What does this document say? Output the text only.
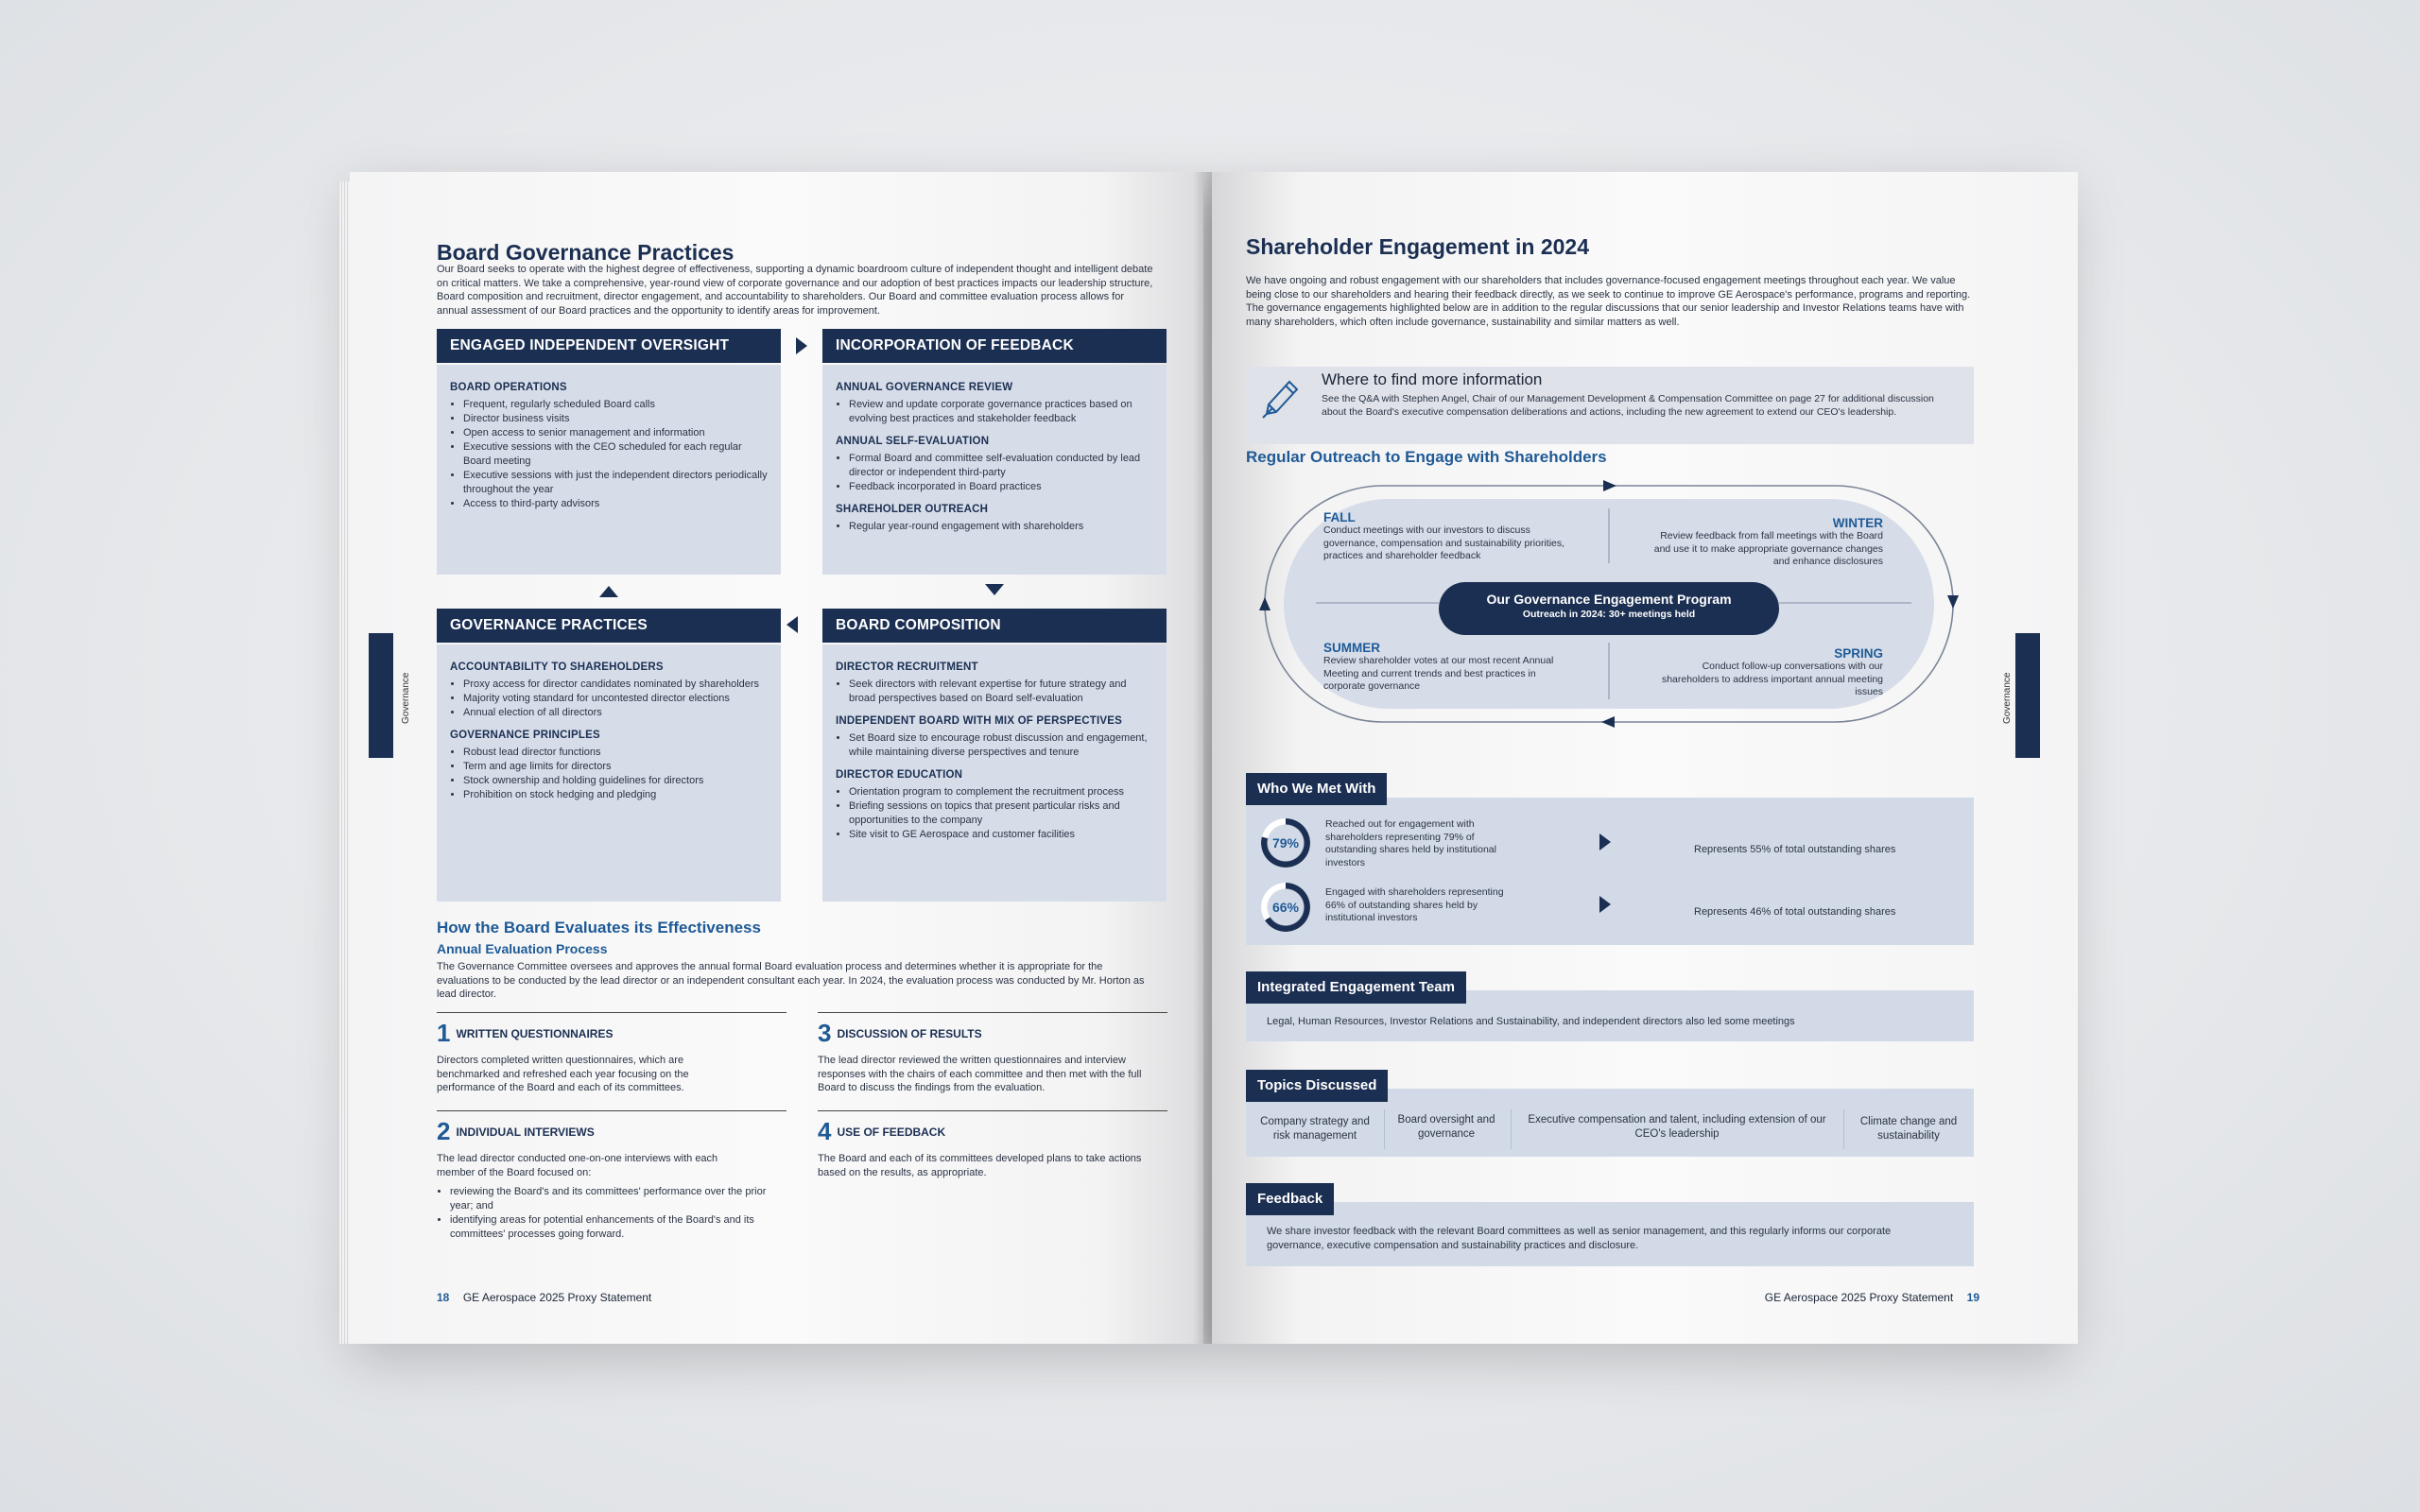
Board Governance Practices
Our Board seeks to operate with the highest degree of effectiveness, supporting a dynamic boardroom culture of independent thought and intelligent debate on critical matters. We take a comprehensive, year-round view of corporate governance and our adoption of best practices impacts our leadership structure, Board composition and recruitment, director engagement, and accountability to shareholders. Our Board and committee evaluation process allows for annual assessment of our Board practices and the opportunity to identify areas for improvement.
ENGAGED INDEPENDENT OVERSIGHT
BOARD OPERATIONS
• Frequent, regularly scheduled Board calls
• Director business visits
• Open access to senior management and information
• Executive sessions with the CEO scheduled for each regular Board meeting
• Executive sessions with just the independent directors periodically throughout the year
• Access to third-party advisors
INCORPORATION OF FEEDBACK
ANNUAL GOVERNANCE REVIEW
• Review and update corporate governance practices based on evolving best practices and stakeholder feedback
ANNUAL SELF-EVALUATION
• Formal Board and committee self-evaluation conducted by lead director or independent third-party
• Feedback incorporated in Board practices
SHAREHOLDER OUTREACH
• Regular year-round engagement with shareholders
GOVERNANCE PRACTICES
ACCOUNTABILITY TO SHAREHOLDERS
• Proxy access for director candidates nominated by shareholders
• Majority voting standard for uncontested director elections
• Annual election of all directors
GOVERNANCE PRINCIPLES
• Robust lead director functions
• Term and age limits for directors
• Stock ownership and holding guidelines for directors
• Prohibition on stock hedging and pledging
BOARD COMPOSITION
DIRECTOR RECRUITMENT
• Seek directors with relevant expertise for future strategy and broad perspectives based on Board self-evaluation
INDEPENDENT BOARD WITH MIX OF PERSPECTIVES
• Set Board size to encourage robust discussion and engagement, while maintaining diverse perspectives and tenure
DIRECTOR EDUCATION
• Orientation program to complement the recruitment process
• Briefing sessions on topics that present particular risks and opportunities to the company
• Site visit to GE Aerospace and customer facilities
How the Board Evaluates its Effectiveness
Annual Evaluation Process
The Governance Committee oversees and approves the annual formal Board evaluation process and determines whether it is appropriate for the evaluations to be conducted by the lead director or an independent consultant each year. In 2024, the evaluation process was conducted by Mr. Horton as lead director.
1 WRITTEN QUESTIONNAIRES
Directors completed written questionnaires, which are benchmarked and refreshed each year focusing on the performance of the Board and each of its committees.
3 DISCUSSION OF RESULTS
The lead director reviewed the written questionnaires and interview responses with the chairs of each committee and then met with the full Board to discuss the findings from the evaluation.
2 INDIVIDUAL INTERVIEWS
The lead director conducted one-on-one interviews with each member of the Board focused on:
• reviewing the Board's and its committees' performance over the prior year; and
• identifying areas for potential enhancements of the Board's and its committees' processes going forward.
4 USE OF FEEDBACK
The Board and each of its committees developed plans to take actions based on the results, as appropriate.
Governance
18 GE Aerospace 2025 Proxy Statement
Shareholder Engagement in 2024
We have ongoing and robust engagement with our shareholders that includes governance-focused engagement meetings throughout each year. We value being close to our shareholders and hearing their feedback directly, as we seek to continue to improve GE Aerospace's performance, programs and reporting. The governance engagements highlighted below are in addition to the regular discussions that our senior leadership and Investor Relations teams have with many shareholders, which often include governance, sustainability and similar matters as well.
Where to find more information
See the Q&A with Stephen Angel, Chair of our Management Development & Compensation Committee on page 27 for additional discussion about the Board's executive compensation deliberations and actions, including the new agreement to extend our CEO's leadership.
Regular Outreach to Engage with Shareholders
Our Governance Engagement Program
Outreach in 2024: 30+ meetings held
FALL
Conduct meetings with our investors to discuss governance, compensation and sustainability priorities, practices and shareholder feedback
WINTER
Review feedback from fall meetings with the Board and use it to make appropriate governance changes and enhance disclosures
SUMMER
Review shareholder votes at our most recent Annual Meeting and current trends and best practices in corporate governance
SPRING
Conduct follow-up conversations with our shareholders to address important annual meeting issues
Who We Met With
79%
Reached out for engagement with shareholders representing 79% of outstanding shares held by institutional investors
Represents 55% of total outstanding shares
66%
Engaged with shareholders representing 66% of outstanding shares held by institutional investors	Represents 46% of total outstanding shares
Integrated Engagement Team
Legal, Human Resources, Investor Relations and Sustainability, and independent directors also led some meetings
Topics Discussed
Company strategy and risk management
Board oversight and governance
Executive compensation and talent, including extension of our CEO's leadership
Climate change and sustainability
Feedback
We share investor feedback with the relevant Board committees as well as senior management, and this regularly informs our corporate governance, executive compensation and sustainability practices and disclosure.
Governance
GE Aerospace 2025 Proxy Statement 19
